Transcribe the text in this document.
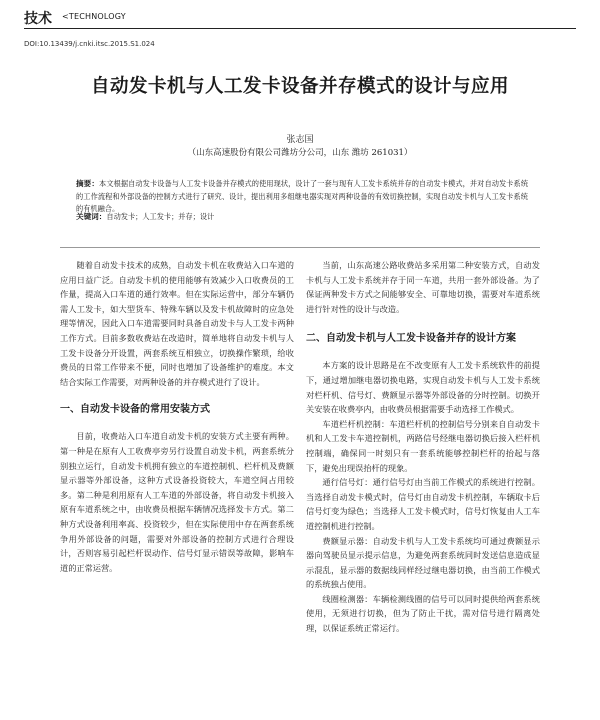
技术 <TECHNOLOGY
DOI:10.13439/j.cnki.itsc.2015.S1.024
自动发卡机与人工发卡设备并存模式的设计与应用
张志国
（山东高速股份有限公司潍坊分公司，山东 潍坊 261031）
摘要：本文根据自动发卡设备与人工发卡设备并存模式的使用现状，设计了一套与现有人工发卡系统并存的自动发卡模式，并对自动发卡系统的工作流程和外部设备的控制方式进行了研究、设计，提出利用多组继电器实现对两种设备的有效切换控制，实现自动发卡机与人工发卡系统的有机融合。
关键词：自动发卡；人工发卡；并存；设计

随着自动发卡技术的成熟，自动发卡机在收费站入口车道的应用日益广泛。自动发卡机的使用能够有效减少入口收费员的工作量，提高入口车道的通行效率。但在实际运营中，部分车辆仍需人工发卡，如大型货车、特殊车辆以及发卡机故障时的应急处理等情况，因此入口车道需要同时具备自动发卡与人工发卡两种工作方式。目前多数收费站在改造时，简单地将自动发卡机与人工发卡设备分开设置，两套系统互相独立，切换操作繁琐，给收费员的日常工作带来不便，同时也增加了设备维护的难度。本文结合实际工作需要，对两种设备的并存模式进行了设计。

一、自动发卡设备的常用安装方式

目前，收费站入口车道自动发卡机的安装方式主要有两种。第一种是在原有人工收费亭旁另行设置自动发卡机，两套系统分别独立运行，自动发卡机拥有独立的车道控制机、栏杆机及费额显示器等外部设备，这种方式设备投资较大，车道空间占用较多。第二种是利用原有人工车道的外部设备，将自动发卡机接入原有车道系统之中，由收费员根据车辆情况选择发卡方式。第二种方式设备利用率高、投资较少，但在实际使用中存在两套系统争用外部设备的问题，需要对外部设备的控制方式进行合理设计，否则容易引起栏杆误动作、信号灯显示错误等故障，影响车道的正常运营。

当前，山东高速公路收费站多采用第二种安装方式，自动发卡机与人工发卡系统并存于同一车道，共用一套外部设备。为了保证两种发卡方式之间能够安全、可靠地切换，需要对车道系统进行针对性的设计与改造。

二、自动发卡机与人工发卡设备并存的设计方案

本方案的设计思路是在不改变原有人工发卡系统软件的前提下，通过增加继电器切换电路，实现自动发卡机与人工发卡系统对栏杆机、信号灯、费额显示器等外部设备的分时控制。切换开关安装在收费亭内，由收费员根据需要手动选择工作模式。

车道栏杆机控制：车道栏杆机的控制信号分别来自自动发卡机和人工发卡车道控制机，两路信号经继电器切换后接入栏杆机控制端，确保同一时刻只有一套系统能够控制栏杆的抬起与落下，避免出现误抬杆的现象。

通行信号灯：通行信号灯由当前工作模式的系统进行控制。当选择自动发卡模式时，信号灯由自动发卡机控制，车辆取卡后信号灯变为绿色；当选择人工发卡模式时，信号灯恢复由人工车道控制机进行控制。

费额显示器：自动发卡机与人工发卡系统均可通过费额显示器向驾驶员显示提示信息，为避免两套系统同时发送信息造成显示混乱，显示器的数据线同样经过继电器切换，由当前工作模式的系统独占使用。

线圈检测器：车辆检测线圈的信号可以同时提供给两套系统使用，无须进行切换，但为了防止干扰，需对信号进行隔离处理，以保证系统正常运行。
